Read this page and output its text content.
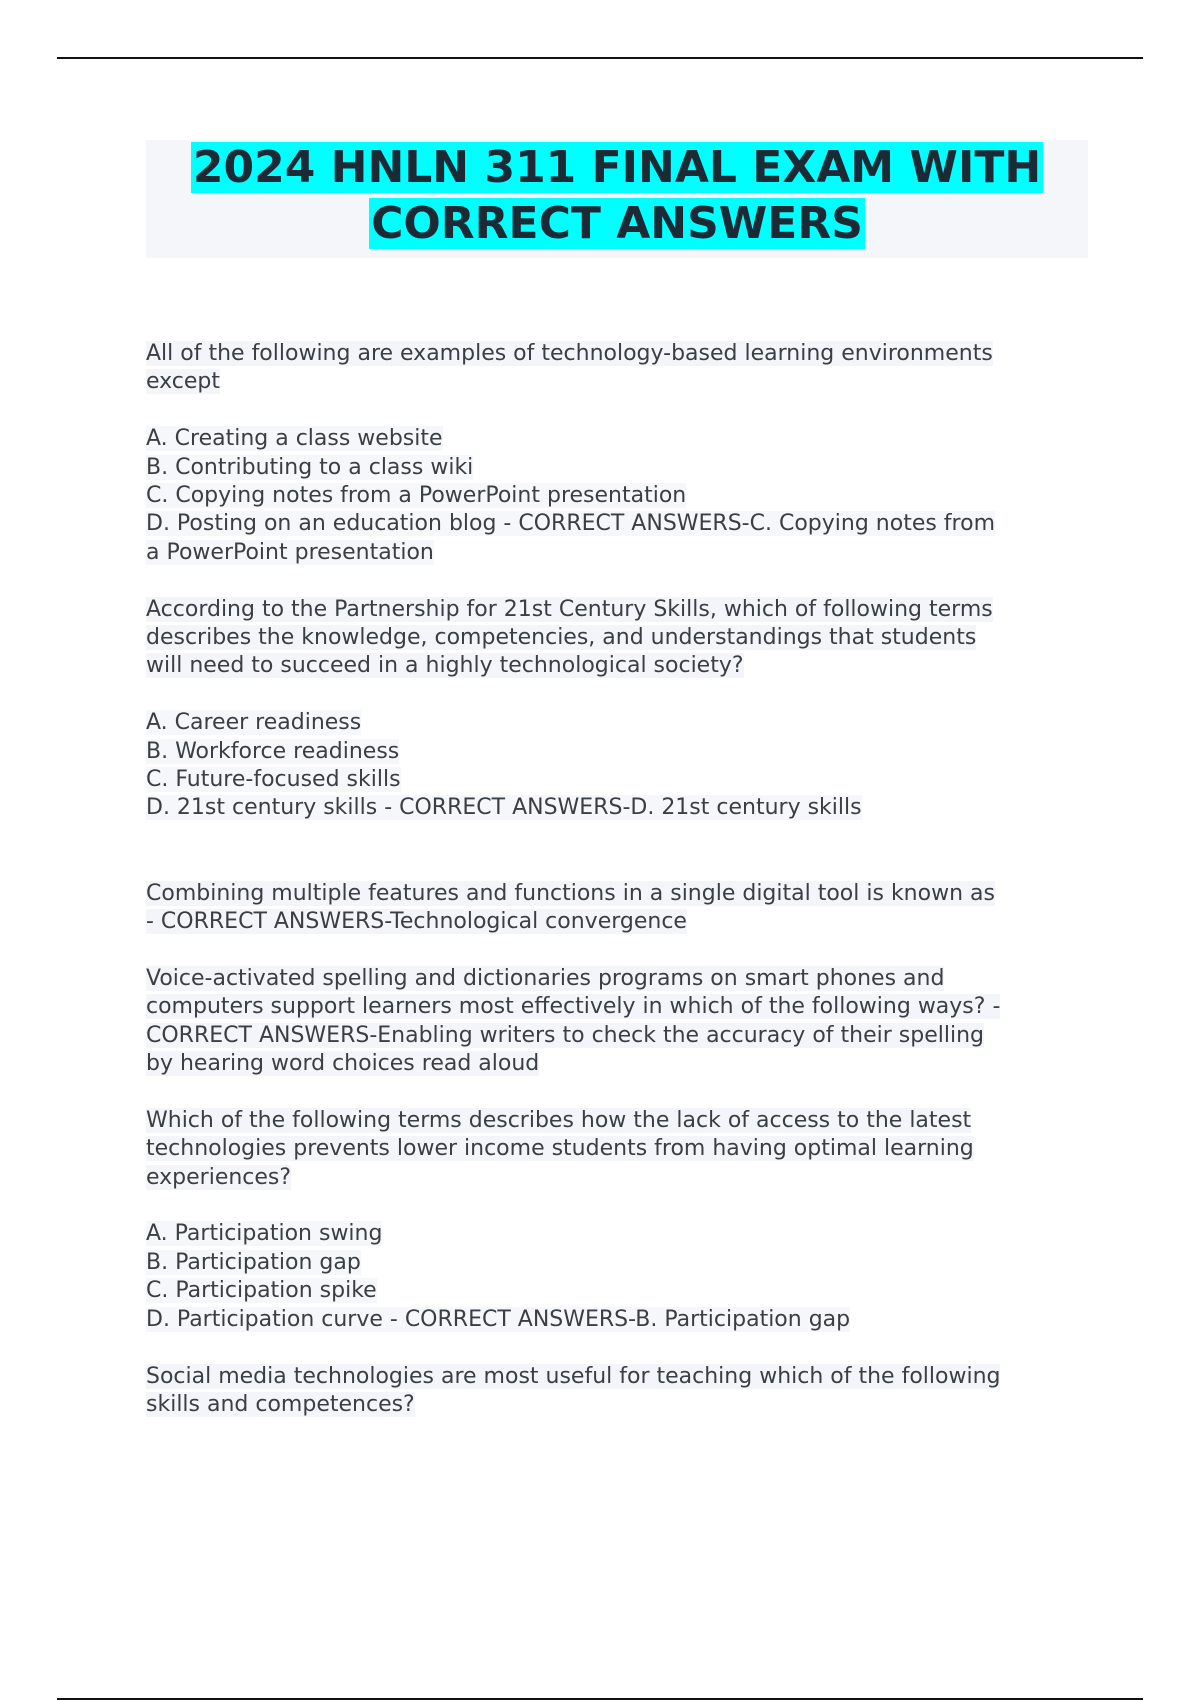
2024 HNLN 311 FINAL EXAM WITH
CORRECT ANSWERS
All of the following are examples of technology-based learning environments
except
A. Creating a class website
B. Contributing to a class wiki
C. Copying notes from a PowerPoint presentation
D. Posting on an education blog - CORRECT ANSWERS-C. Copying notes from
a PowerPoint presentation
According to the Partnership for 21st Century Skills, which of following terms
describes the knowledge, competencies, and understandings that students
will need to succeed in a highly technological society?
A. Career readiness
B. Workforce readiness
C. Future-focused skills
D. 21st century skills - CORRECT ANSWERS-D. 21st century skills
Combining multiple features and functions in a single digital tool is known as
- CORRECT ANSWERS-Technological convergence
Voice-activated spelling and dictionaries programs on smart phones and
computers support learners most effectively in which of the following ways? -
CORRECT ANSWERS-Enabling writers to check the accuracy of their spelling
by hearing word choices read aloud
Which of the following terms describes how the lack of access to the latest
technologies prevents lower income students from having optimal learning
experiences?
A. Participation swing
B. Participation gap
C. Participation spike
D. Participation curve - CORRECT ANSWERS-B. Participation gap
Social media technologies are most useful for teaching which of the following
skills and competences?
